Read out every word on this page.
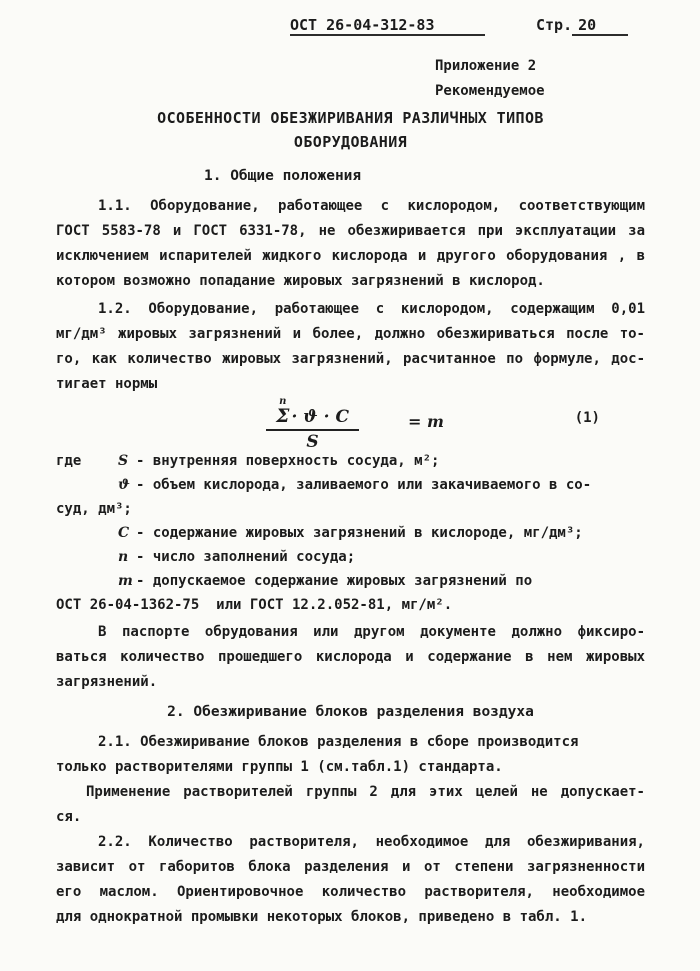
ОСТ 26-04-312-83	Стр. 20
Приложение 2
Рекомендуемое
ОСОБЕННОСТИ ОБЕЗЖИРИВАНИЯ РАЗЛИЧНЫХ ТИПОВ
ОБОРУДОВАНИЯ
1. Общие положения
1.1. Оборудование, работающее с кислородом, соответствующим
ГОСТ 5583-78 и ГОСТ 6331-78, не обезжиривается при эксплуатации за
исключением испарителей жидкого кислорода и другого оборудования , в
котором возможно попадание жировых загрязнений в кислород.
1.2. Оборудование, работающее с кислородом, содержащим 0,01
мг/дм³ жировых загрязнений и более, должно обезжириваться после то-
го, как количество жировых загрязнений, расчитанное по формуле, дос-
тигает нормы
n
Σ · ϑ · C
S
= m	(1)
где	S - внутренняя поверхность сосуда, м²;
ϑ - объем кислорода, заливаемого или закачиваемого в со-
суд, дм³;
C - содержание жировых загрязнений в кислороде, мг/дм³;
n - число заполнений сосуда;
m - допускаемое содержание жировых загрязнений по
ОСТ 26-04-1362-75  или ГОСТ 12.2.052-81, мг/м².
В паспорте обрудования или другом документе должно фиксиро-
ваться количество прошедшего кислорода и содержание в нем жировых
загрязнений.
2. Обезжиривание блоков разделения воздуха
2.1. Обезжиривание блоков разделения в сборе производится
только растворителями группы 1 (см.табл.1) стандарта.
Применение растворителей группы 2 для этих целей не допускает-
ся.
2.2. Количество растворителя, необходимое для обезжиривания,
зависит от габоритов блока разделения и от степени загрязненности
его маслом. Ориентировочное количество растворителя, необходимое
для однократной промывки некоторых блоков, приведено в табл. 1.
